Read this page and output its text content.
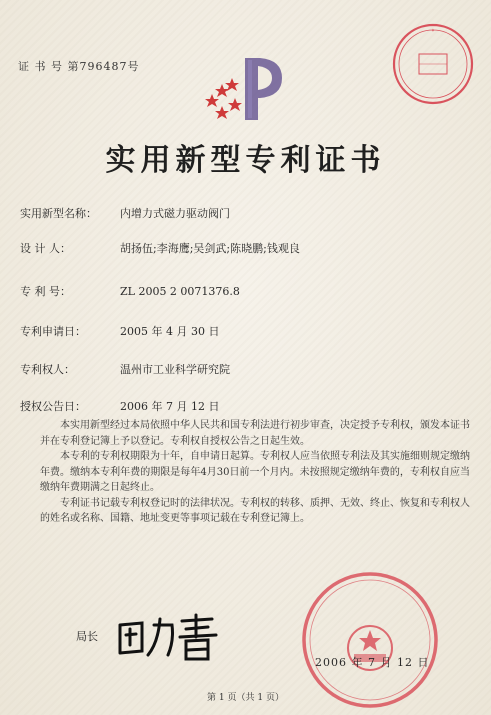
证 书 号 第796487号
✦
实用新型专利证书
实用新型名称： 内增力式磁力驱动阀门
设 计 人：	胡扬伍;李海鹰;吴剑武;陈晓鹏;钱观良
专 利 号：	ZL 2005 2 0071376.8
专利申请日：	2005 年 4 月 30 日
专利权人：	温州市工业科学研究院
授权公告日：	2006 年 7 月 12 日

本实用新型经过本局依照中华人民共和国专利法进行初步审查，决定授予专利权，颁发本证书并在专利登记簿上予以登记。专利权自授权公告之日起生效。

本专利的专利权期限为十年，自申请日起算。专利权人应当依照专利法及其实施细则规定缴纳年费。缴纳本专利年费的期限是每年4月30日前一个月内。未按照规定缴纳年费的，专利权自应当缴纳年费期满之日起终止。

专利证书记载专利权登记时的法律状况。专利权的转移、质押、无效、终止、恢复和专利权人的姓名或名称、国籍、地址变更等事项记载在专利登记簿上。

局长
2006 年 7 月 12 日
第 1 页（共 1 页）
